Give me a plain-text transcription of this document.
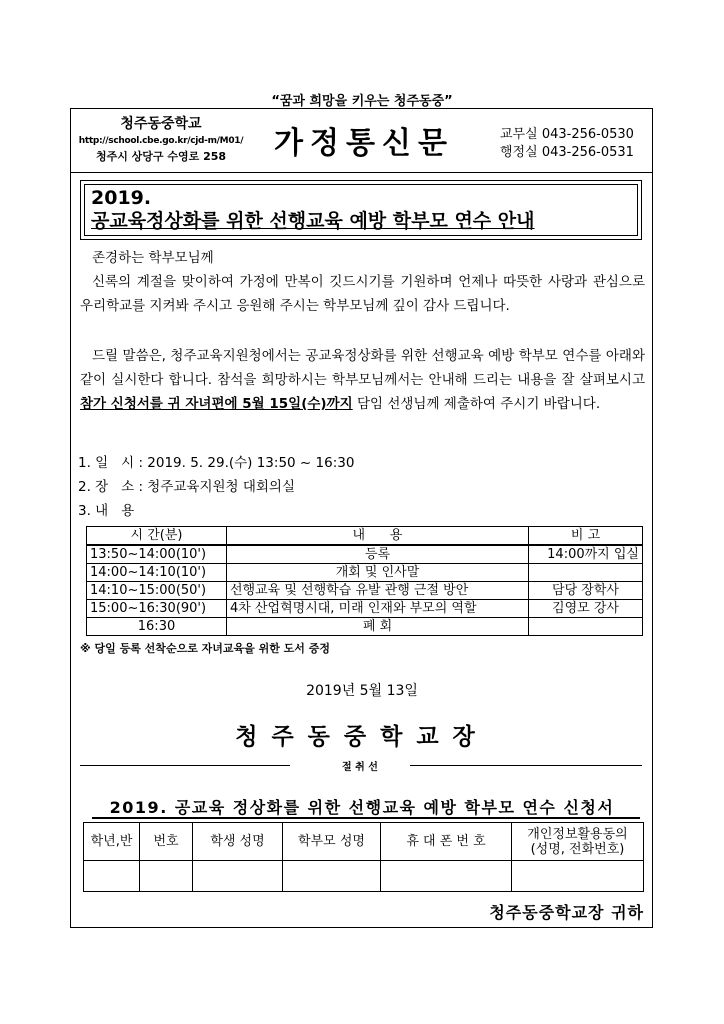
“꿈과 희망을 키우는 청주동중”
청주동중학교
http://school.cbe.go.kr/cjd-m/M01/
청주시 상당구 수영로 258	가정통신문	교무실 043-256-0530
행정실 043-256-0531
2019.
공교육정상화를 위한 선행교육 예방 학부모 연수 안내
존경하는 학부모님께
신록의 계절을 맞이하여 가정에 만복이 깃드시기를 기원하며 언제나 따뜻한 사랑과 관심으로 우리학교를 지켜봐 주시고 응원해 주시는 학부모님께 깊이 감사 드립니다.
드릴 말씀은, 청주교육지원청에서는 공교육정상화를 위한 선행교육 예방 학부모 연수를 아래와 같이 실시한다 합니다. 참석을 희망하시는 학부모님께서는 안내해 드리는 내용을 잘 살펴보시고 참가 신청서를 귀 자녀편에 5월 15일(수)까지 담임 선생님께 제출하여 주시기 바랍니다.
1. 일   시 : 2019. 5. 29.(수) 13:50 ~ 16:30
2. 장   소 : 청주교육지원청 대회의실
3. 내   용
시 간(분)	내      용	비 고
13:50~14:00(10')	등록	14:00까지 입실
14:00~14:10(10')	개회 및 인사말	
14:10~15:00(50')	선행교육 및 선행학습 유발 관행 근절 방안	담당 장학사
15:00~16:30(90')	4차 산업혁명시대, 미래 인재와 부모의 역할	김영모 강사
16:30	폐 회	
※ 당일 등록 선착순으로 자녀교육을 위한 도서 증정
2019년 5월 13일
청주동중학교장
절 취 선
2019. 공교육 정상화를 위한 선행교육 예방 학부모 연수 신청서
학년,반	번호	학생 성명	학부모 성명	휴 대 폰 번 호	개인정보활용동의
(성명, 전화번호)

청주동중학교장 귀하
